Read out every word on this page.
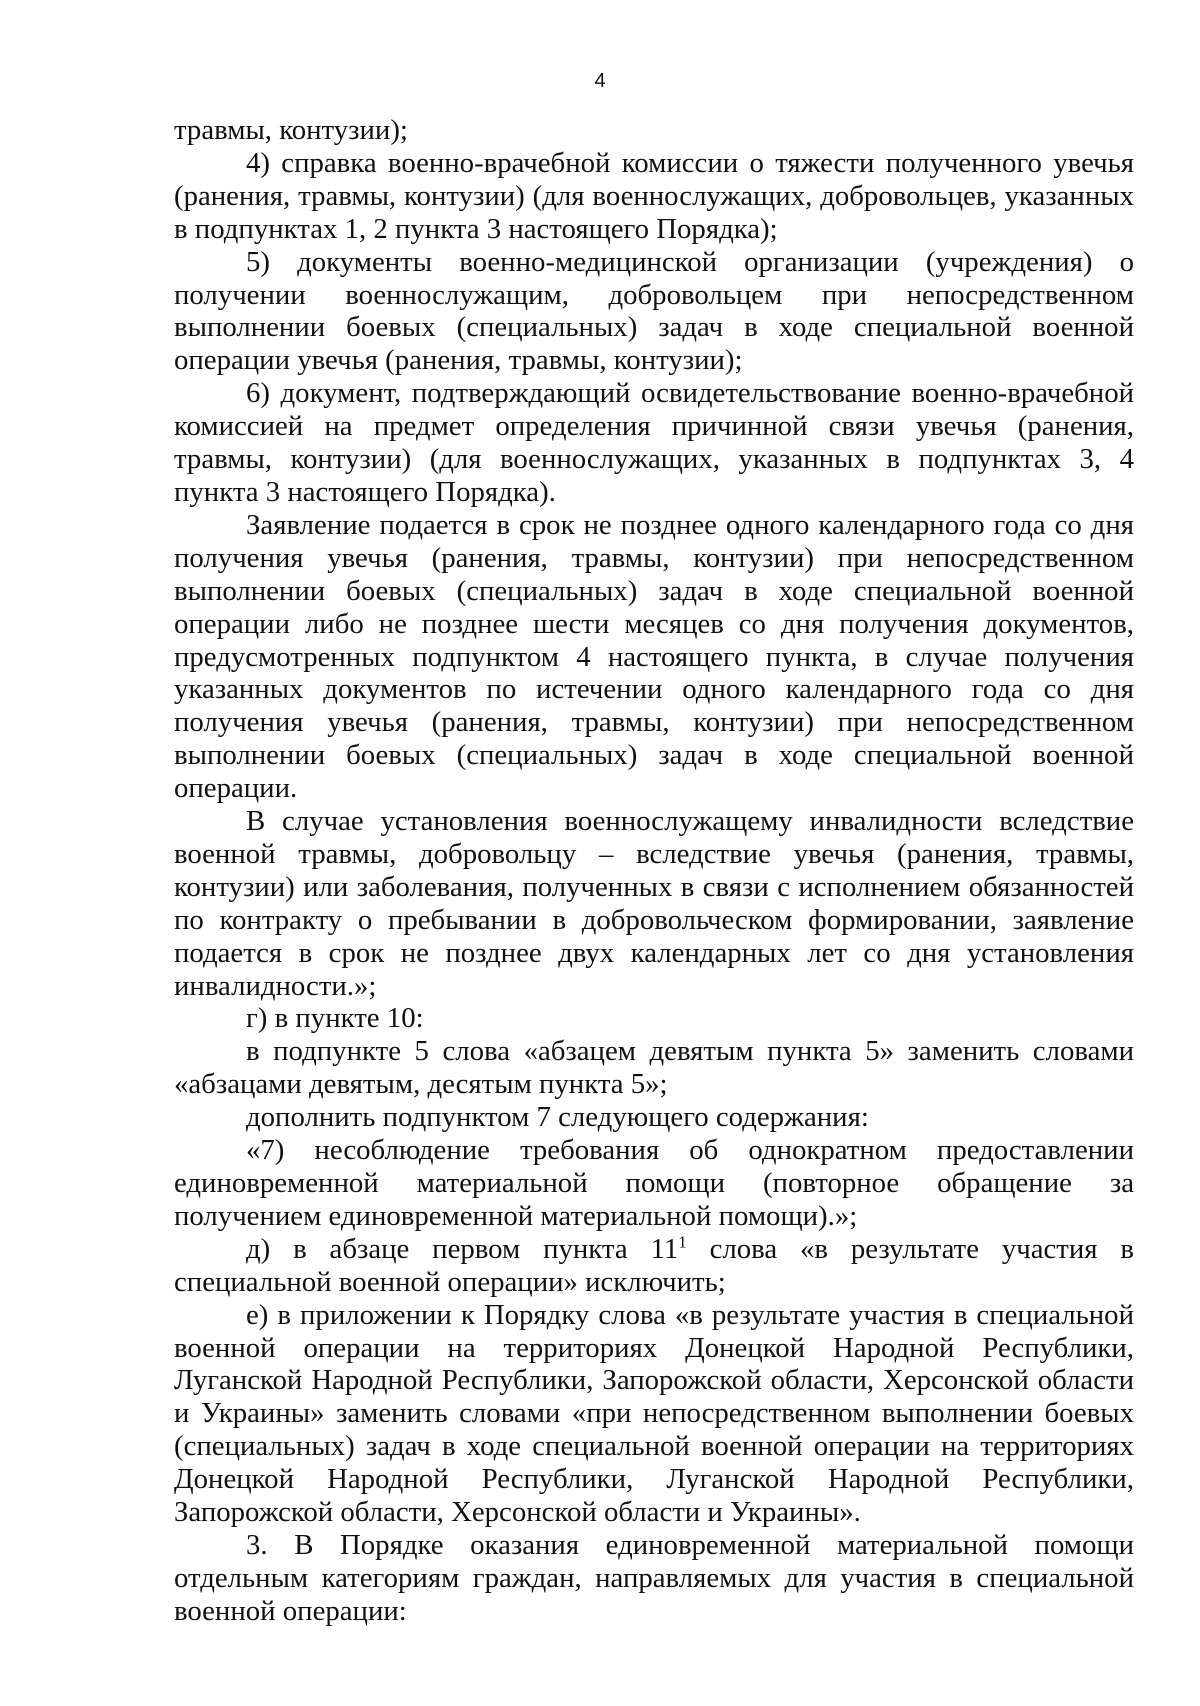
4

травмы, контузии);

4) справка военно-врачебной комиссии о тяжести полученного увечья (ранения, травмы, контузии) (для военнослужащих, добровольцев, указанных в подпунктах 1, 2 пункта 3 настоящего Порядка);

5) документы военно-медицинской организации (учреждения) о получении военнослужащим, добровольцем при непосредственном выполнении боевых (специальных) задач в ходе специальной военной операции увечья (ранения, травмы, контузии);

6) документ, подтверждающий освидетельствование военно-врачебной комиссией на предмет определения причинной связи увечья (ранения, травмы, контузии) (для военнослужащих, указанных в подпунктах 3, 4 пункта 3 настоящего Порядка).

Заявление подается в срок не позднее одного календарного года со дня получения увечья (ранения, травмы, контузии) при непосредственном выполнении боевых (специальных) задач в ходе специальной военной операции либо не позднее шести месяцев со дня получения документов, предусмотренных подпунктом 4 настоящего пункта, в случае получения указанных документов по истечении одного календарного года со дня получения увечья (ранения, травмы, контузии) при непосредственном выполнении боевых (специальных) задач в ходе специальной военной операции.

В случае установления военнослужащему инвалидности вследствие военной травмы, добровольцу – вследствие увечья (ранения, травмы, контузии) или заболевания, полученных в связи с исполнением обязанностей по контракту о пребывании в добровольческом формировании, заявление подается в срок не позднее двух календарных лет со дня установления инвалидности.»;

г) в пункте 10:

в подпункте 5 слова «абзацем девятым пункта 5» заменить словами «абзацами девятым, десятым пункта 5»;

дополнить подпунктом 7 следующего содержания:

«7) несоблюдение требования об однократном предоставлении единовременной материальной помощи (повторное обращение за получением единовременной материальной помощи).»;

д) в абзаце первом пункта $11^1$ слова «в результате участия в специальной военной операции» исключить;

е) в приложении к Порядку слова «в результате участия в специальной военной операции на территориях Донецкой Народной Республики, Луганской Народной Республики, Запорожской области, Херсонской области и Украины» заменить словами «при непосредственном выполнении боевых (специальных) задач в ходе специальной военной операции на территориях Донецкой Народной Республики, Луганской Народной Республики, Запорожской области, Херсонской области и Украины».

3. В Порядке оказания единовременной материальной помощи отдельным категориям граждан, направляемых для участия в специальной военной операции:
